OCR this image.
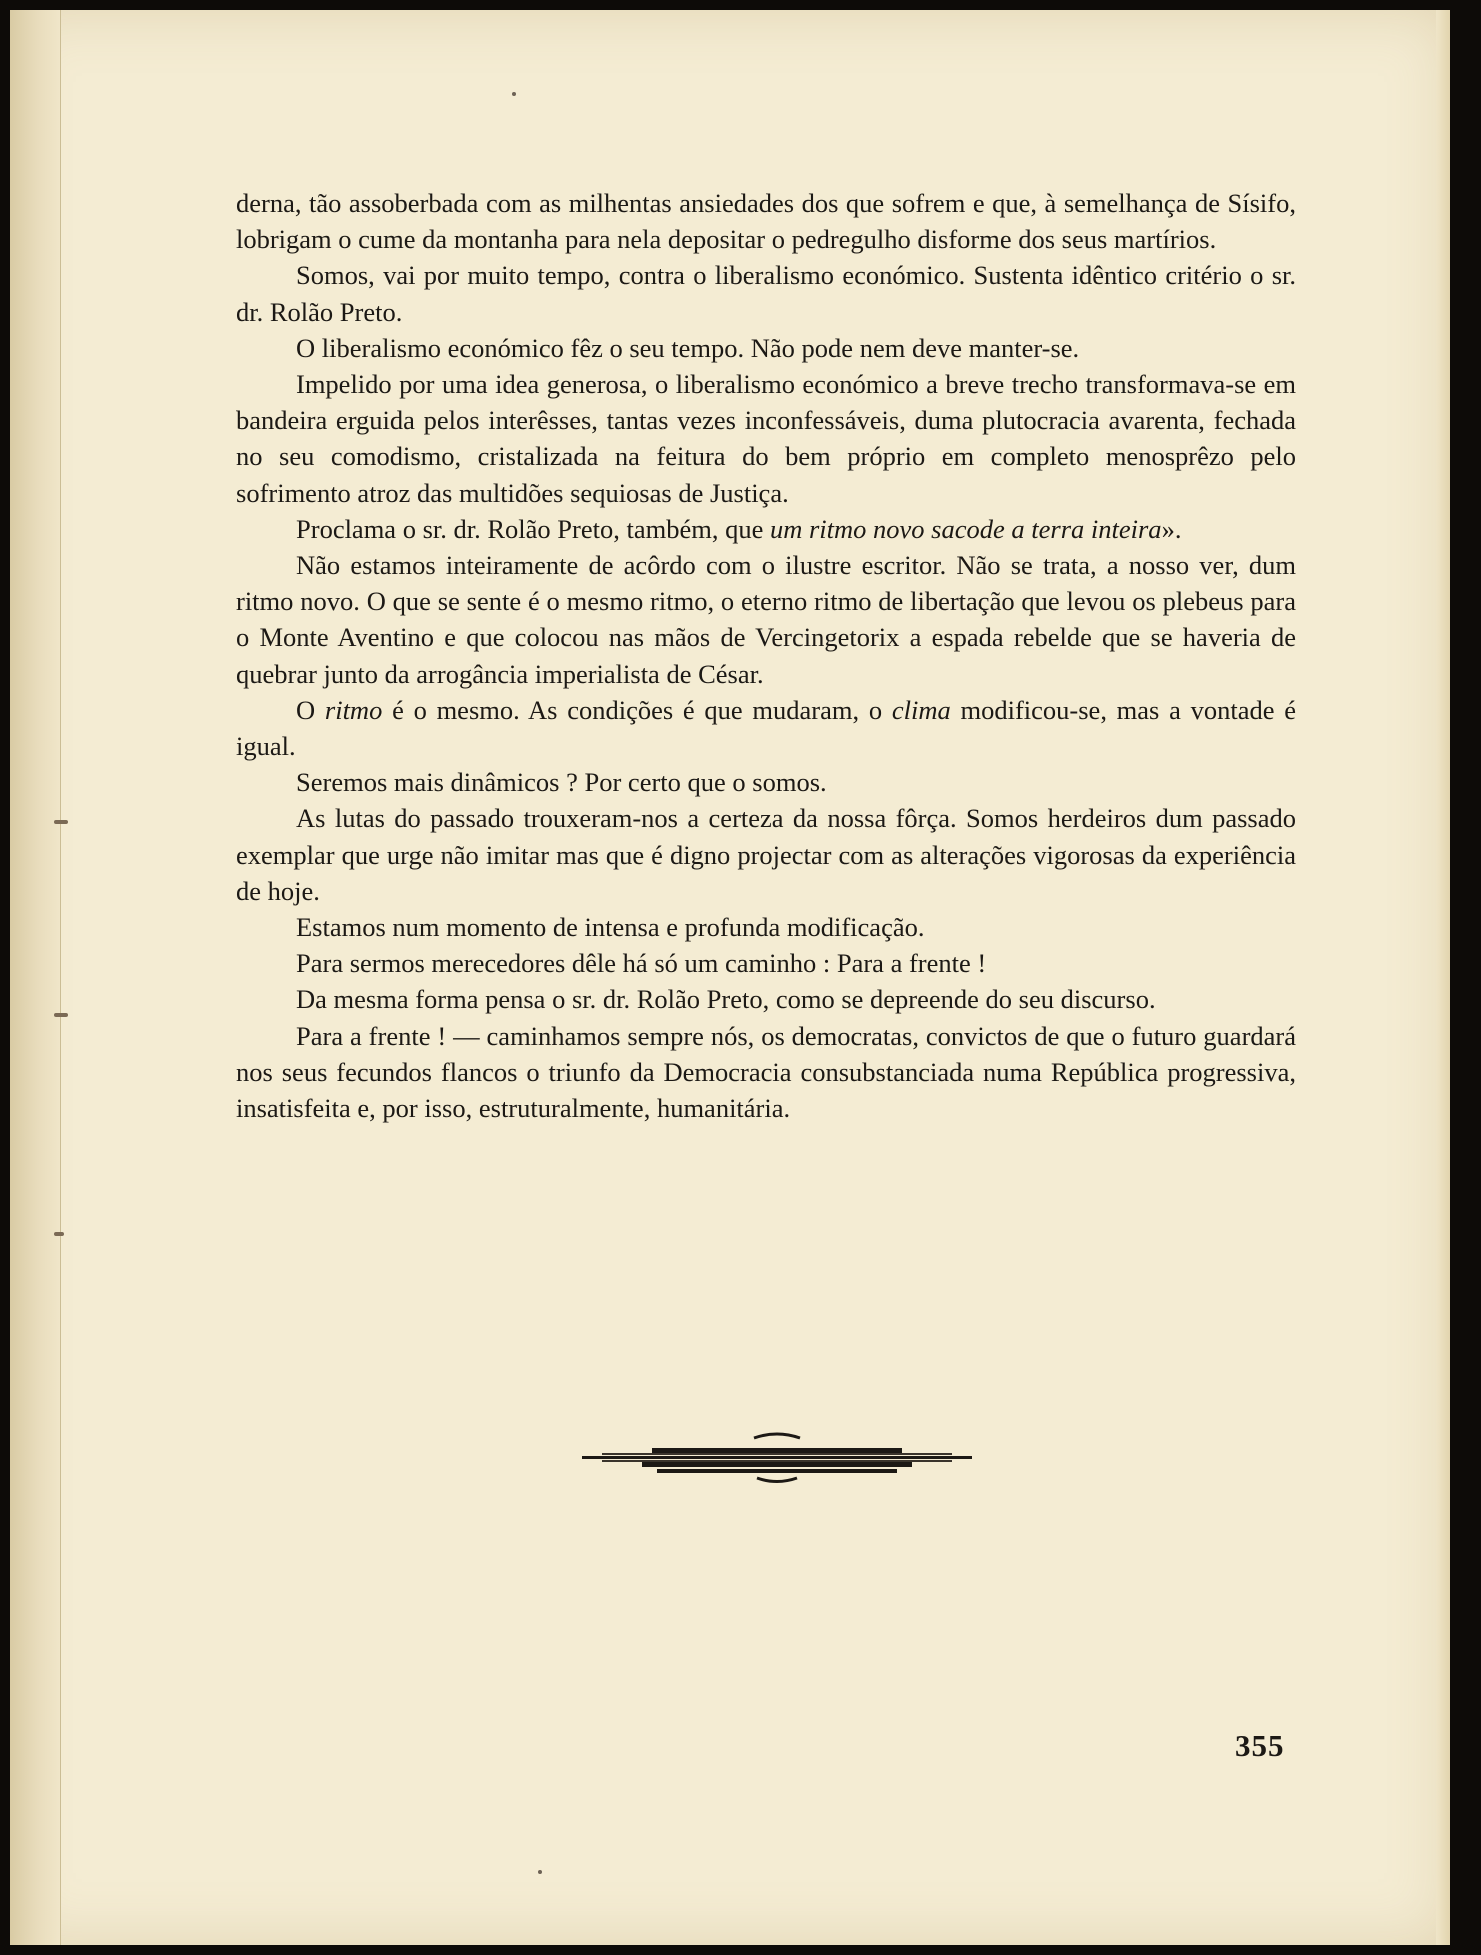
derna, tão assoberbada com as milhentas ansiedades dos que sofrem e que, à semelhança de Sísifo, lobrigam o cume da montanha para nela depositar o pedregulho disforme dos seus martírios.

Somos, vai por muito tempo, contra o liberalismo económico. Sustenta idêntico critério o sr. dr. Rolão Preto.

O liberalismo económico fêz o seu tempo. Não pode nem deve manter-se.

Impelido por uma idea generosa, o liberalismo económico a breve trecho transformava-se em bandeira erguida pelos interêsses, tantas vezes inconfessáveis, duma plutocracia avarenta, fechada no seu comodismo, cristalizada na feitura do bem próprio em completo menosprêzo pelo sofrimento atroz das multidões sequiosas de Justiça.

Proclama o sr. dr. Rolão Preto, também, que um ritmo novo sacode a terra inteira».

Não estamos inteiramente de acôrdo com o ilustre escritor. Não se trata, a nosso ver, dum ritmo novo. O que se sente é o mesmo ritmo, o eterno ritmo de libertação que levou os plebeus para o Monte Aventino e que colocou nas mãos de Vercingetorix a espada rebelde que se haveria de quebrar junto da arrogância imperialista de César.

O ritmo é o mesmo. As condições é que mudaram, o clima modificou-se, mas a vontade é igual.

Seremos mais dinâmicos ? Por certo que o somos.

As lutas do passado trouxeram-nos a certeza da nossa fôrça. Somos herdeiros dum passado exemplar que urge não imitar mas que é digno projectar com as alterações vigorosas da experiência de hoje.

Estamos num momento de intensa e profunda modificação.

Para sermos merecedores dêle há só um caminho : Para a frente !

Da mesma forma pensa o sr. dr. Rolão Preto, como se depreende do seu discurso.

Para a frente ! — caminhamos sempre nós, os democratas, convictos de que o futuro guardará nos seus fecundos flancos o triunfo da Democracia consubstanciada numa República progressiva, insatisfeita e, por isso, estruturalmente, humanitária.

355
